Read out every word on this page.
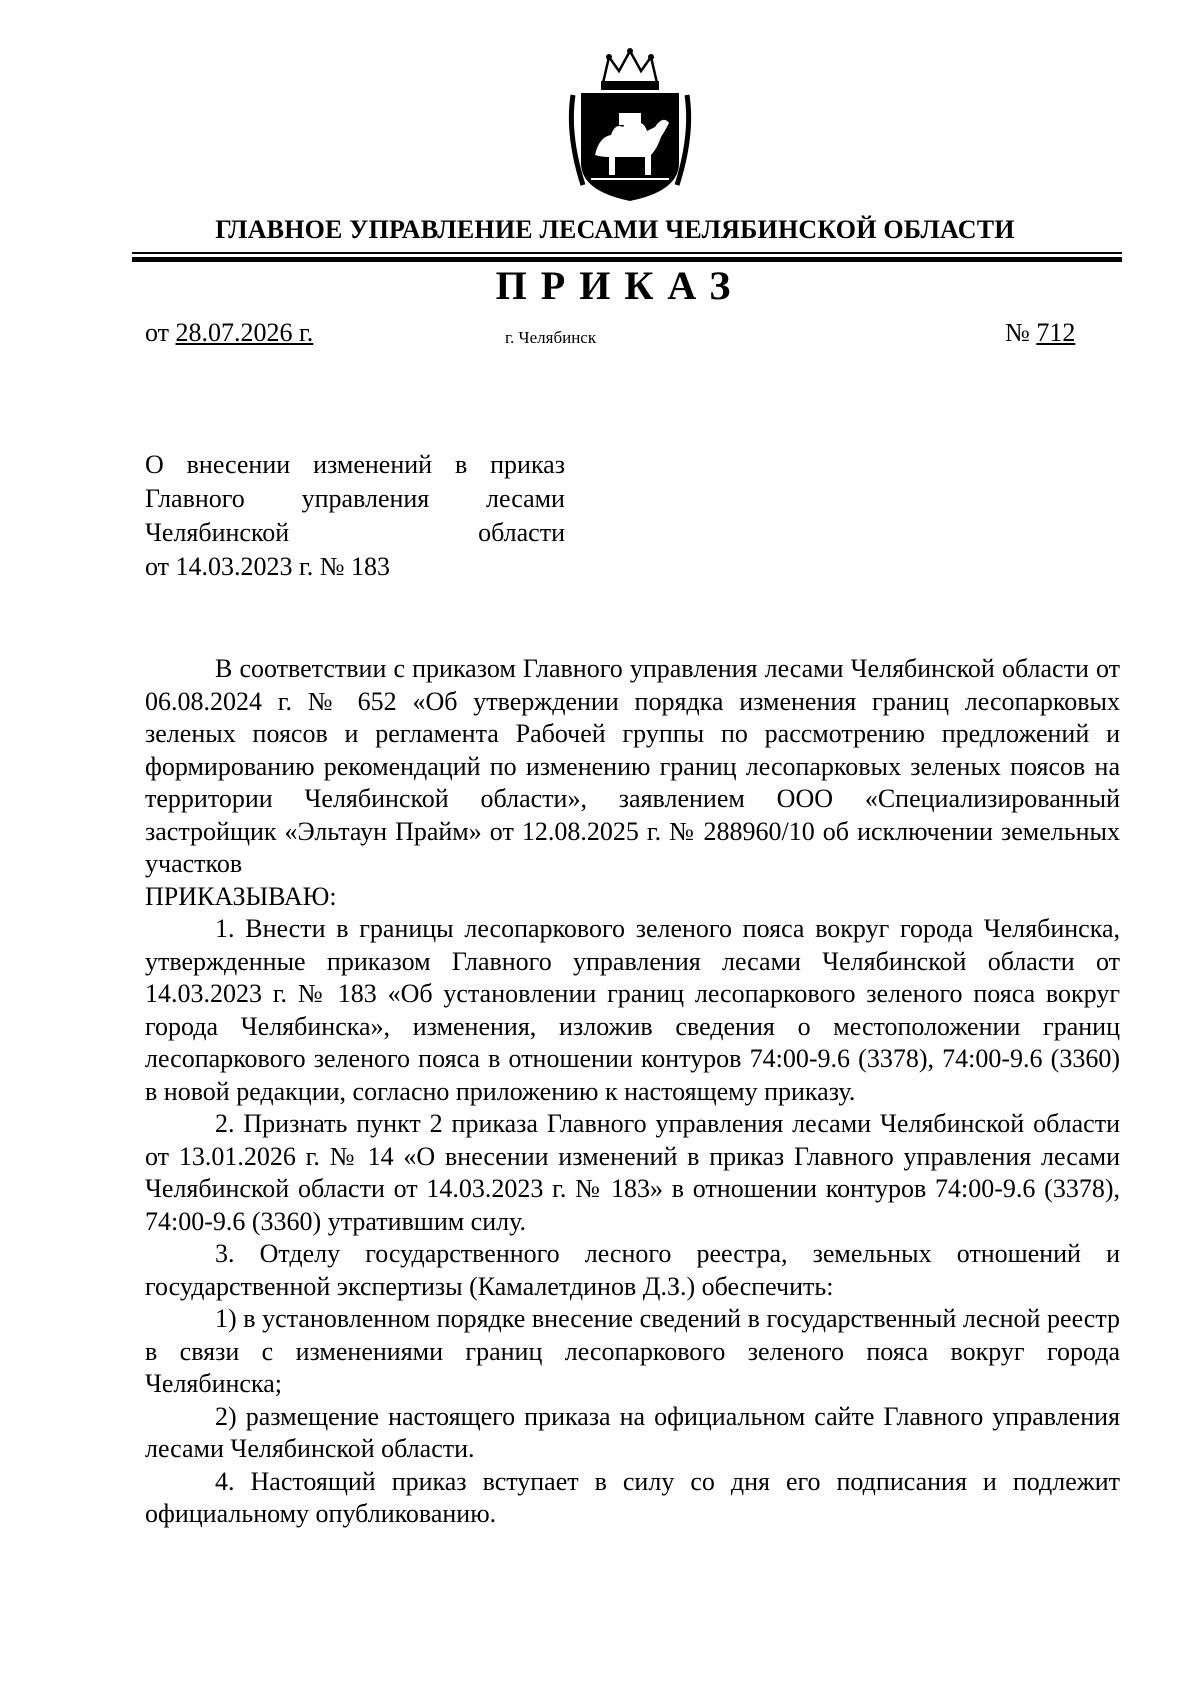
ГЛАВНОЕ УПРАВЛЕНИЕ ЛЕСАМИ ЧЕЛЯБИНСКОЙ ОБЛАСТИ
ПРИКАЗ
от 28.07.2026 г.	г. Челябинск	№ 712
О внесении изменений в приказ
Главного управления лесами
Челябинской	области
от 14.03.2023 г. № 183

В соответствии с приказом Главного управления лесами Челябинской области от 06.08.2024 г. № 652 «Об утверждении порядка изменения границ лесопарковых зеленых поясов и регламента Рабочей группы по рассмотрению предложений и формированию рекомендаций по изменению границ лесопарковых зеленых поясов на территории Челябинской области», заявлением ООО «Специализированный застройщик «Эльтаун Прайм» от 12.08.2025 г. № 288960/10 об исключении земельных участков

ПРИКАЗЫВАЮ:

1. Внести в границы лесопаркового зеленого пояса вокруг города Челябинска, утвержденные приказом Главного управления лесами Челябинской области от 14.03.2023 г. № 183 «Об установлении границ лесопаркового зеленого пояса вокруг города Челябинска», изменения, изложив сведения о местоположении границ лесопаркового зеленого пояса в отношении контуров 74:00-9.6 (3378), 74:00-9.6 (3360) в новой редакции, согласно приложению к настоящему приказу.

2. Признать пункт 2 приказа Главного управления лесами Челябинской области от 13.01.2026 г. № 14 «О внесении изменений в приказ Главного управления лесами Челябинской области от 14.03.2023 г. № 183» в отношении контуров 74:00-9.6 (3378), 74:00-9.6 (3360) утратившим силу.

3. Отделу государственного лесного реестра, земельных отношений и государственной экспертизы (Камалетдинов Д.З.) обеспечить:

1) в установленном порядке внесение сведений в государственный лесной реестр в связи с изменениями границ лесопаркового зеленого пояса вокруг города Челябинска;

2) размещение настоящего приказа на официальном сайте Главного управления лесами Челябинской области.

4. Настоящий приказ вступает в силу со дня его подписания и подлежит официальному опубликованию.
